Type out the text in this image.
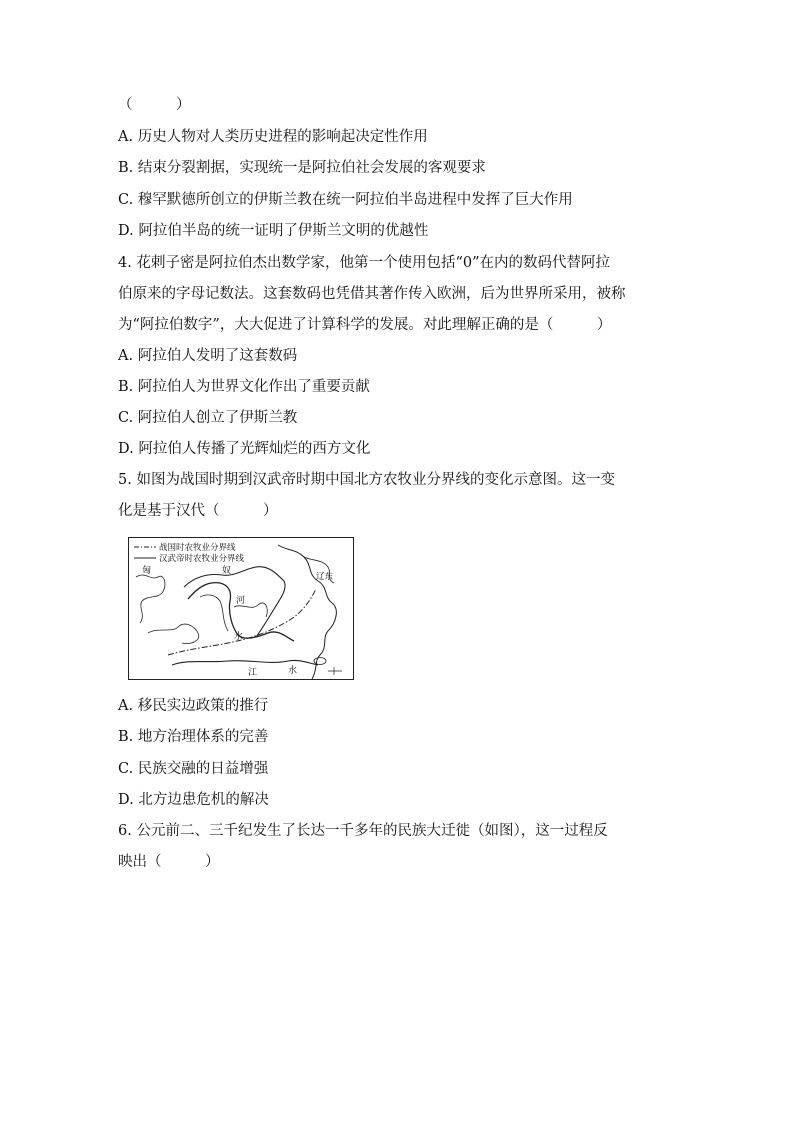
（　　　）
A. 历史人物对人类历史进程的影响起决定性作用
B. 结束分裂割据，实现统一是阿拉伯社会发展的客观要求
C. 穆罕默德所创立的伊斯兰教在统一阿拉伯半岛进程中发挥了巨大作用
D. 阿拉伯半岛的统一证明了伊斯兰文明的优越性
4. 花剌子密是阿拉伯杰出数学家，他第一个使用包括“0”在内的数码代替阿拉
伯原来的字母记数法。这套数码也凭借其著作传入欧洲，后为世界所采用，被称
为“阿拉伯数字”，大大促进了计算科学的发展。对此理解正确的是（　　　）
A. 阿拉伯人发明了这套数码
B. 阿拉伯人为世界文化作出了重要贡献
C. 阿拉伯人创立了伊斯兰教
D. 阿拉伯人传播了光辉灿烂的西方文化
5. 如图为战国时期到汉武帝时期中国北方农牧业分界线的变化示意图。这一变
化是基于汉代（　　　）
战国时农牧业分界线
汉武帝时农牧业分界线
匈	奴
辽东
河
水
江	水
A. 移民实边政策的推行
B. 地方治理体系的完善
C. 民族交融的日益增强
D. 北方边患危机的解决
6. 公元前二、三千纪发生了长达一千多年的民族大迁徙（如图），这一过程反
映出（　　　）
